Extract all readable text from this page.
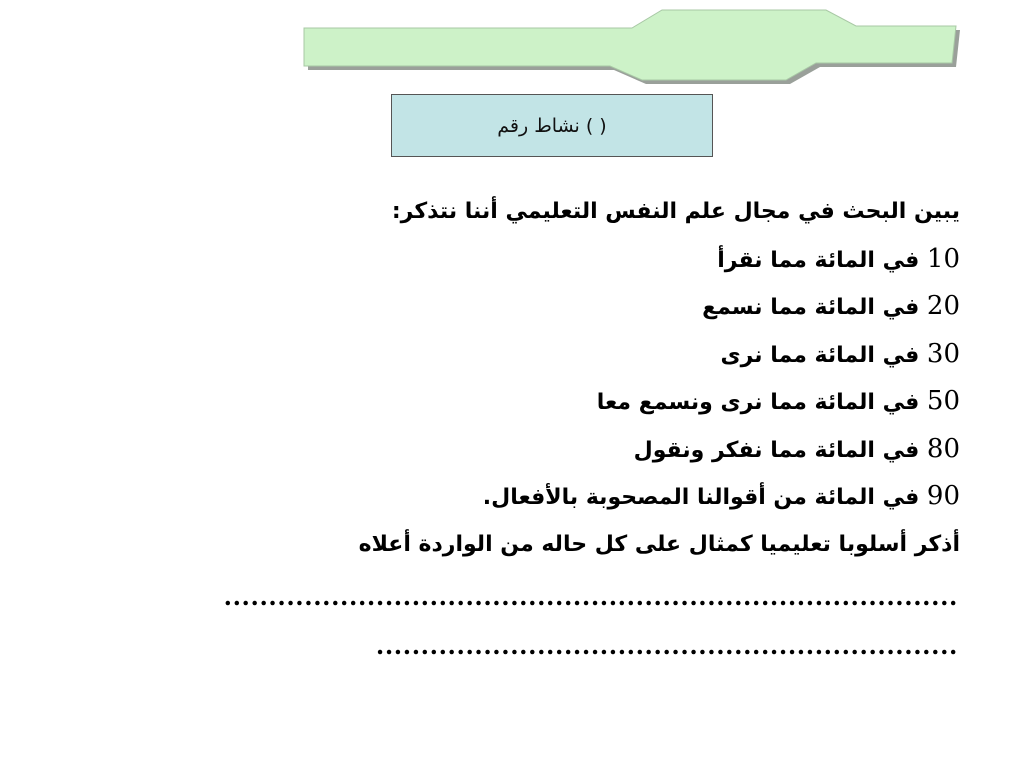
نشاط رقم ( )
يبين البحث في مجال علم النفس التعليمي أننا نتذكر:
10 في المائة مما نقرأ
20 في المائة مما نسمع
30 في المائة مما نرى
50 في المائة مما نرى ونسمع معا
80 في المائة مما نفكر ونقول
90 في المائة من أقوالنا المصحوبة بالأفعال.
أذكر أسلوبا تعليميا كمثال على كل حاله من الواردة أعلاه
..................................................................................
.................................................................
